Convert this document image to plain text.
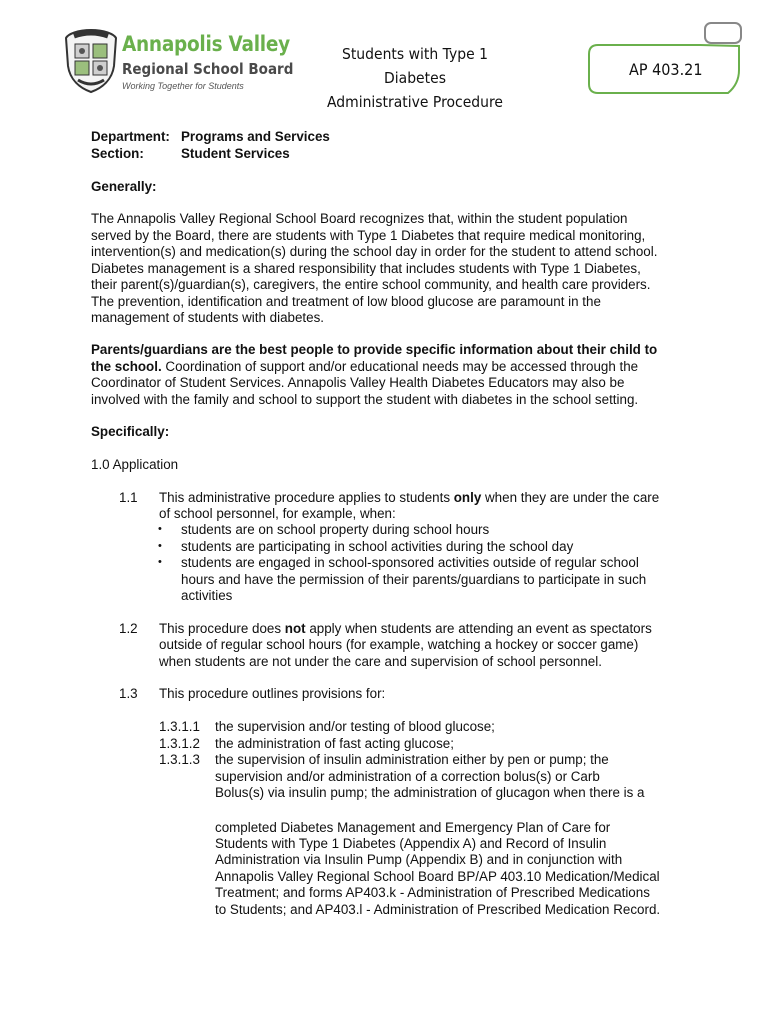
Annapolis Valley
Regional School Board
Working Together for Students
Students with Type 1 Diabetes
Administrative Procedure
AP 403.21
Department: Programs and Services
Section:	Student Services
Generally:
The Annapolis Valley Regional School Board recognizes that, within the student population
served by the Board, there are students with Type 1 Diabetes that require medical monitoring,
intervention(s) and medication(s) during the school day in order for the student to attend school.
Diabetes management is a shared responsibility that includes students with Type 1 Diabetes,
their parent(s)/guardian(s), caregivers, the entire school community, and health care providers.
The prevention, identification and treatment of low blood glucose are paramount in the
management of students with diabetes.
Parents/guardians are the best people to provide specific information about their child to
the school. Coordination of support and/or educational needs may be accessed through the
Coordinator of Student Services. Annapolis Valley Health Diabetes Educators may also be
involved with the family and school to support the student with diabetes in the school setting.
Specifically:
1.0 Application
1.1 This administrative procedure applies to students only when they are under the care
of school personnel, for example, when:
• students are on school property during school hours
• students are participating in school activities during the school day
• students are engaged in school-sponsored activities outside of regular school
hours and have the permission of their parents/guardians to participate in such
activities
1.2 This procedure does not apply when students are attending an event as spectators
outside of regular school hours (for example, watching a hockey or soccer game)
when students are not under the care and supervision of school personnel.
1.3 This procedure outlines provisions for:
1.3.1.1 the supervision and/or testing of blood glucose;
1.3.1.2 the administration of fast acting glucose;
1.3.1.3 the supervision of insulin administration either by pen or pump; the
supervision and/or administration of a correction bolus(s) or Carb
Bolus(s) via insulin pump; the administration of glucagon when there is a
completed Diabetes Management and Emergency Plan of Care for
Students with Type 1 Diabetes (Appendix A) and Record of Insulin
Administration via Insulin Pump (Appendix B) and in conjunction with
Annapolis Valley Regional School Board BP/AP 403.10 Medication/Medical
Treatment; and forms AP403.k - Administration of Prescribed Medications
to Students; and AP403.l - Administration of Prescribed Medication Record.
